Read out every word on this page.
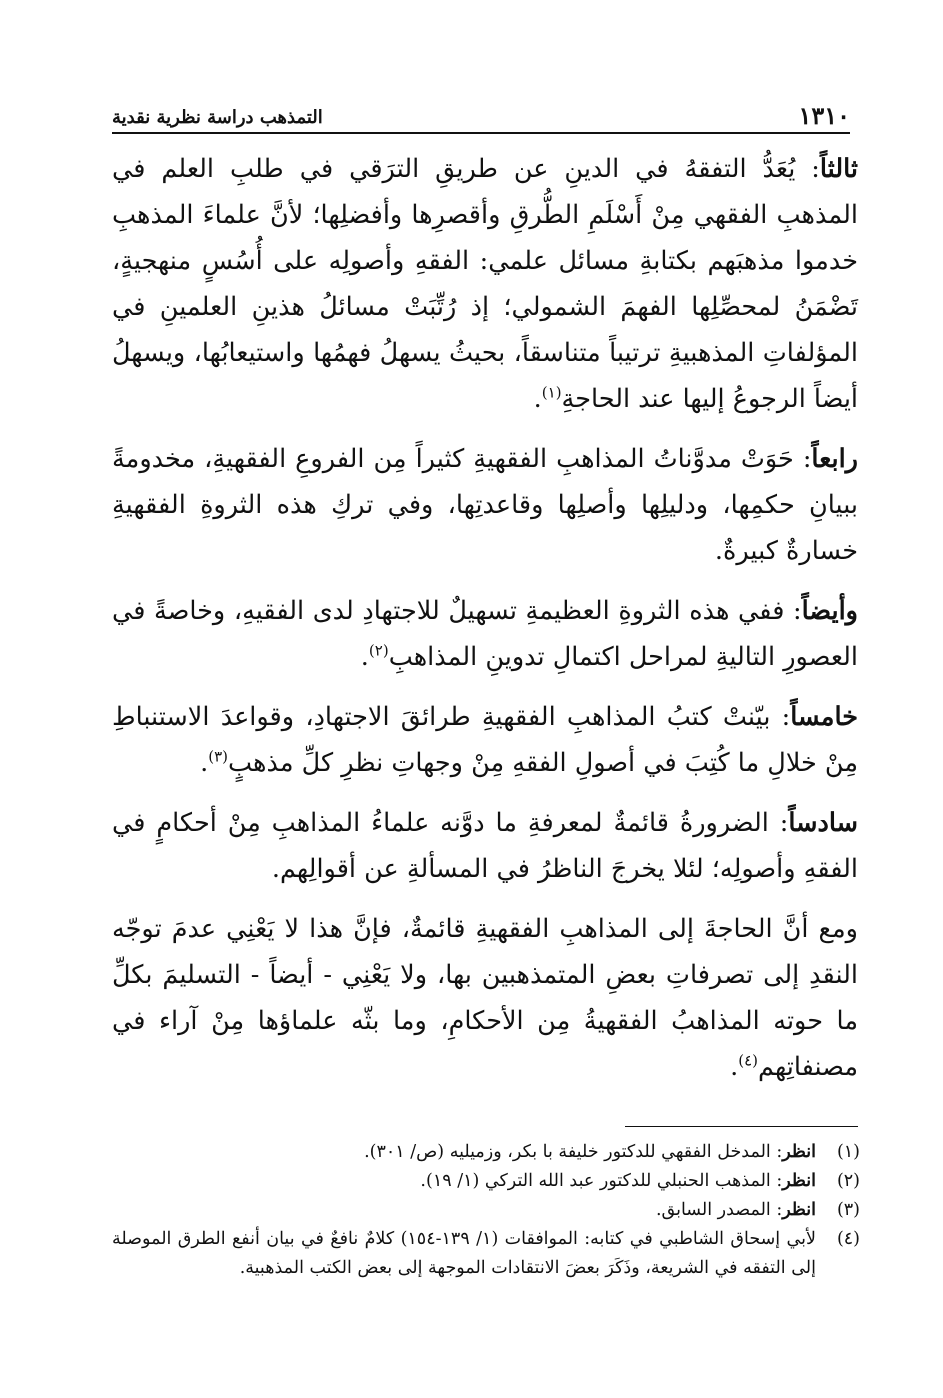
١٣١٠
التمذهب دراسة نظرية نقدية

ثالثاً: يُعَدُّ التفقهُ في الدينِ عن طريقِ الترَقي في طلبِ العلم في المذهبِ الفقهي مِنْ أَسْلَمِ الطُّرقِ وأقصرِها وأفضلِها؛ لأنَّ علماءَ المذهبِ خدموا مذهبَهم بكتابةِ مسائل علمي: الفقهِ وأصولِه على أُسُسٍ منهجيةٍ، تَضْمَنُ لمحصِّلِها الفهمَ الشمولي؛ إذ رُتِّبَتْ مسائلُ هذينِ العلمينِ في المؤلفاتِ المذهبيةِ ترتيباً متناسقاً، بحيثُ يسهلُ فهمُها واستيعابُها، ويسهلُ أيضاً الرجوعُ إليها عند الحاجةِ$^{(١)}$.

رابعاً: حَوَتْ مدوَّناتُ المذاهبِ الفقهيةِ كثيراً مِن الفروعِ الفقهيةِ، مخدومةً ببيانِ حكمِها، ودليلِها وأصلِها وقاعدتِها، وفي تركِ هذه الثروةِ الفقهيةِ خسارةٌ كبيرةٌ.

وأيضاً: ففي هذه الثروةِ العظيمةِ تسهيلٌ للاجتهادِ لدى الفقيهِ، وخاصةً في العصورِ التاليةِ لمراحل اكتمالِ تدوينِ المذاهبِ$^{(٢)}$.

خامساً: بيّنتْ كتبُ المذاهبِ الفقهيةِ طرائقَ الاجتهادِ، وقواعدَ الاستنباطِ مِنْ خلالِ ما كُتِبَ في أصولِ الفقهِ مِنْ وجهاتِ نظرِ كلِّ مذهبٍ$^{(٣)}$.

سادساً: الضرورةُ قائمةٌ لمعرفةِ ما دوَّنه علماءُ المذاهبِ مِنْ أحكامٍ في الفقهِ وأصولِه؛ لئلا يخرجَ الناظرُ في المسألةِ عن أقوالِهم.

ومع أنَّ الحاجةَ إلى المذاهبِ الفقهيةِ قائمةٌ، فإنَّ هذا لا يَعْنِي عدمَ توجّه النقدِ إلى تصرفاتِ بعضِ المتمذهبين بها، ولا يَعْنِي - أيضاً - التسليمَ بكلِّ ما حوته المذاهبُ الفقهيةُ مِن الأحكامِ، وما بثّه علماؤها مِنْ آراء في مصنفاتِهم$^{(٤)}$.

(١)
انظر: المدخل الفقهي للدكتور خليفة با بكر، وزميليه (ص/ ٣٠١).
(٢)
انظر: المذهب الحنبلي للدكتور عبد الله التركي (١/ ١٩).
(٣)
انظر: المصدر السابق.
(٤)
لأبي إسحاق الشاطبي في كتابه: الموافقات (١/ ١٣٩-١٥٤) كلامٌ نافعٌ في بيان أنفع الطرق الموصلة إلى التفقه في الشريعة، وذَكَرَ بعضَ الانتقادات الموجهة إلى بعض الكتب المذهبية.
